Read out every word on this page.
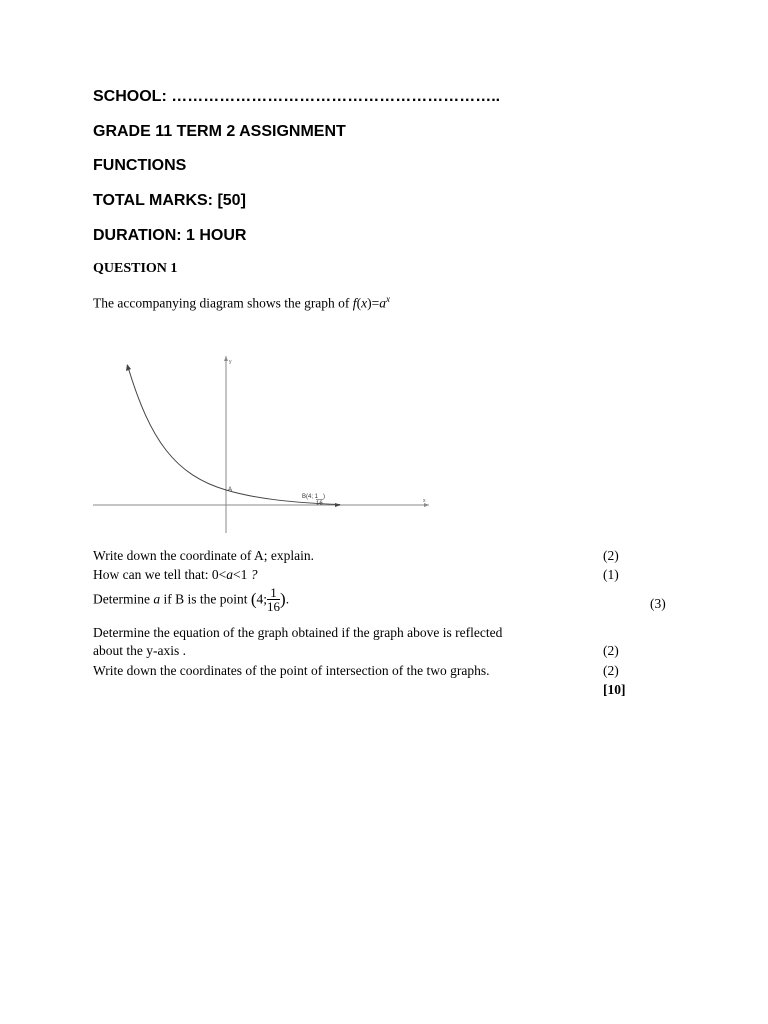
SCHOOL: ……………………………………………………..

GRADE 11 TERM 2 ASSIGNMENT

FUNCTIONS

TOTAL MARKS: [50]

DURATION: 1 HOUR

QUESTION 1

The accompanying diagram shows the graph of $f(x)=a^x$

x
y
A
B(4; 1
16
)

Write down the coordinate of A; explain.	(2)

How can we tell that: 0<a<1 ?	(1)

Determine a if B is the point (4; $\frac{1}{16}$ ).	(3)

Determine the equation of the graph obtained if the graph above is reflected

about the y-axis .	(2)

Write down the coordinates of the point of intersection of the two graphs.	(2)

[10]
